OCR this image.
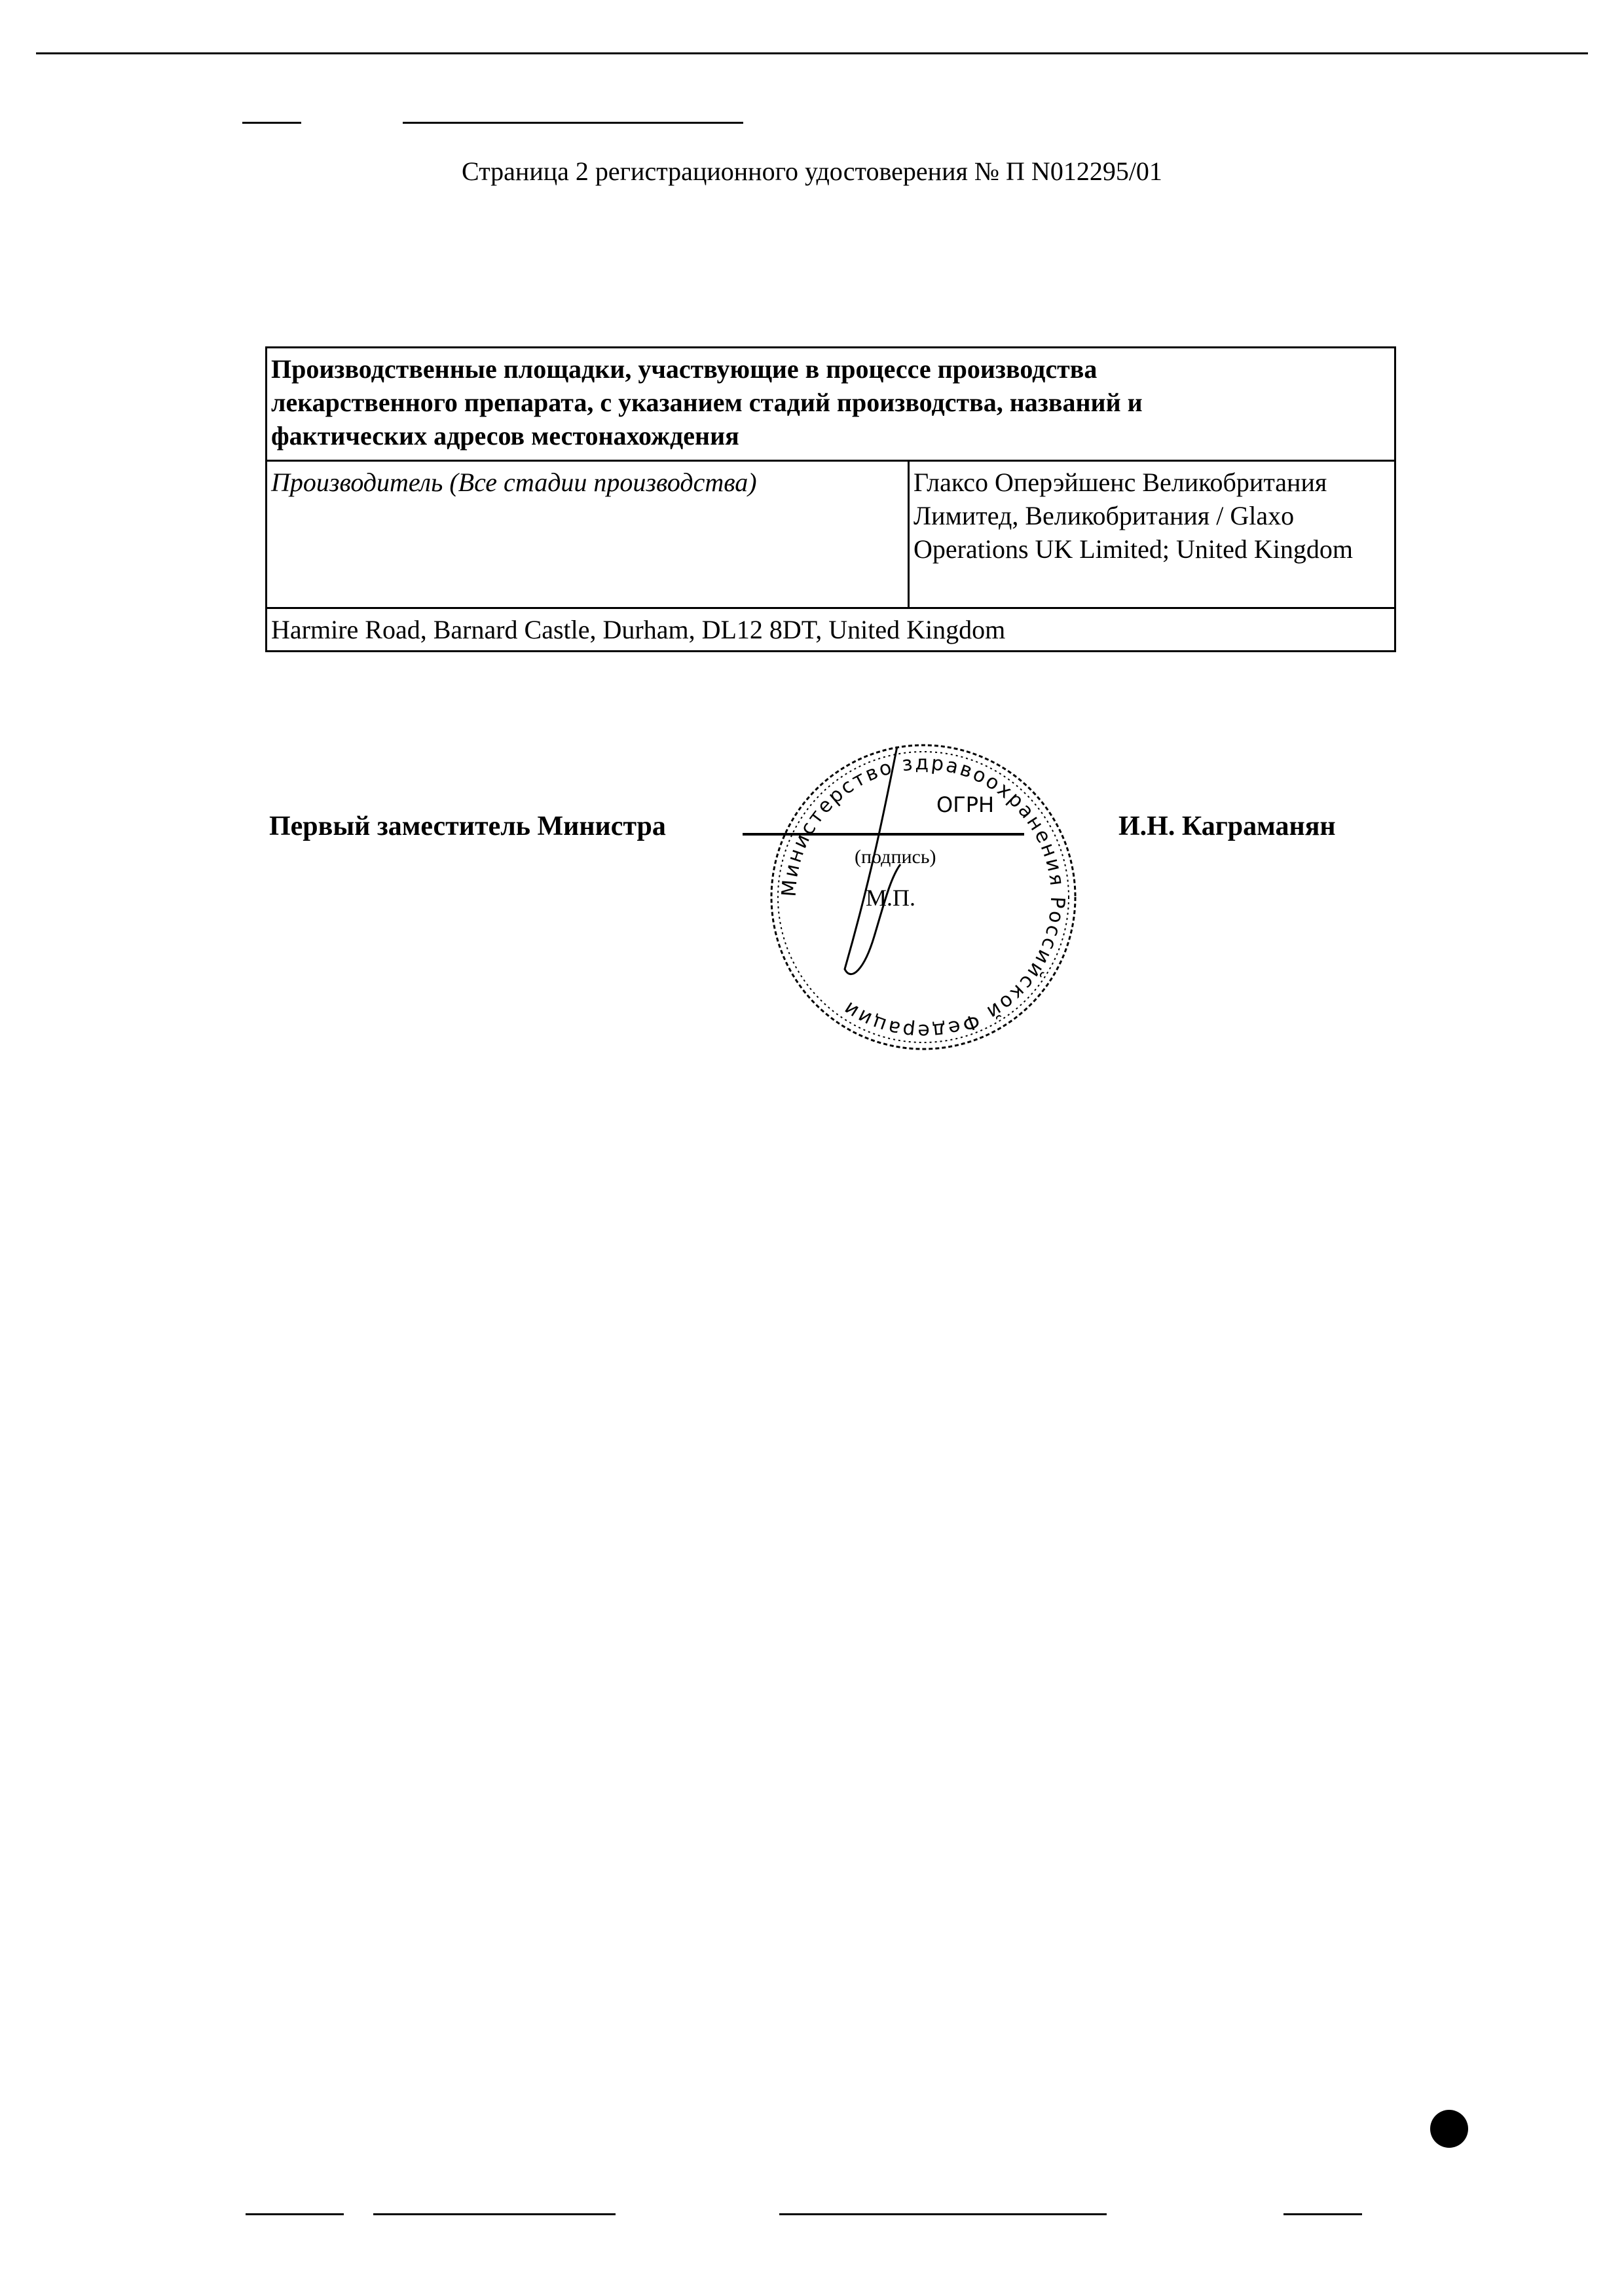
Страница 2 регистрационного удостоверения № П N012295/01
Производственные площадки, участвующие в процессе производства лекарственного препарата, с указанием стадий производства, названий и фактических адресов местонахождения
Производитель (Все стадии производства)	Глаксо Оперэйшенс Великобритания Лимитед, Великобритания / Glaxo Operations UK Limited; United Kingdom
Harmire Road, Barnard Castle, Durham, DL12 8DT, United Kingdom
Первый заместитель Министра
(подпись)
М.П.
И.Н. Каграманян
Министерство здравоохранения Российской Федерации
ОГРН
